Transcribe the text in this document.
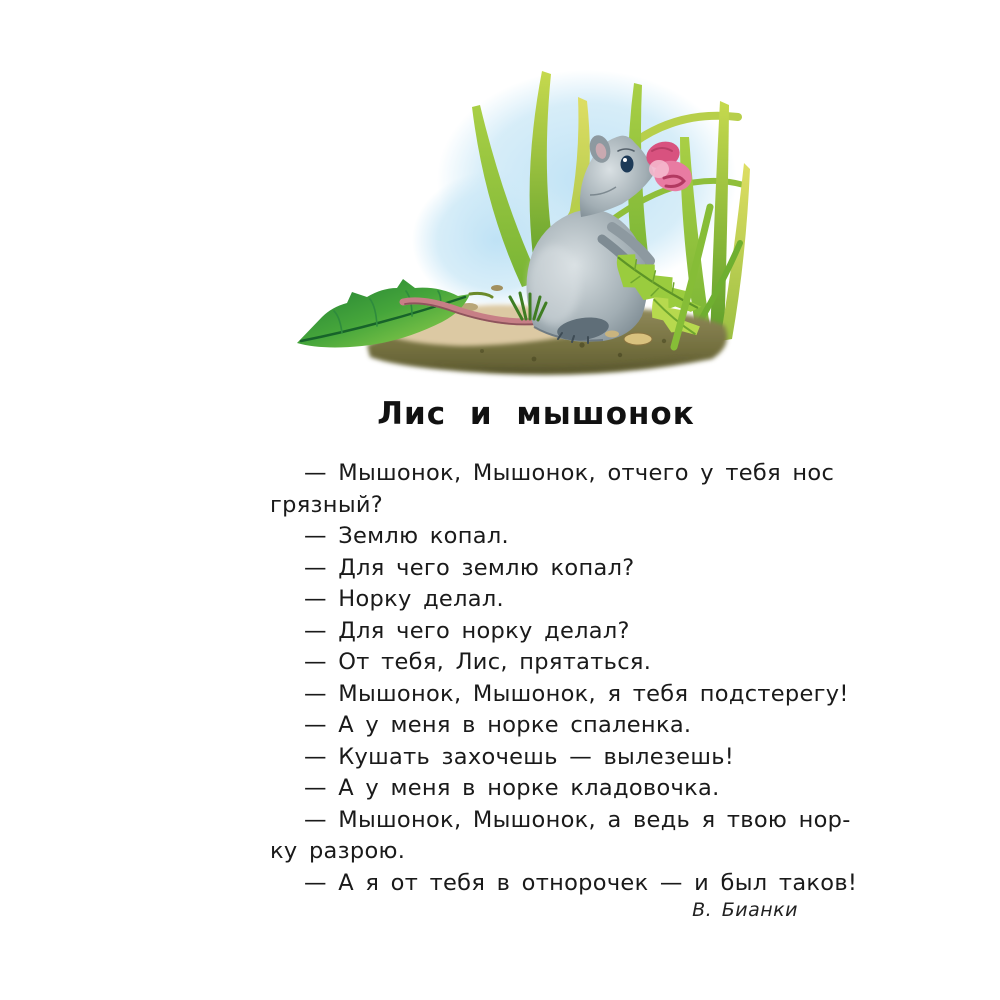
Лис и мышонок
— Мышонок, Мышонок, отчего у тебя нос
грязный?
— Землю копал.
— Для чего землю копал?
— Норку делал.
— Для чего норку делал?
— От тебя, Лис, прятаться.
— Мышонок, Мышонок, я тебя подстерегу!
— А у меня в норке спаленка.
— Кушать захочешь — вылезешь!
— А у меня в норке кладовочка.
— Мышонок, Мышонок, а ведь я твою нор-
ку разрою.
— А я от тебя в отнорочек — и был таков!
В. Бианки
